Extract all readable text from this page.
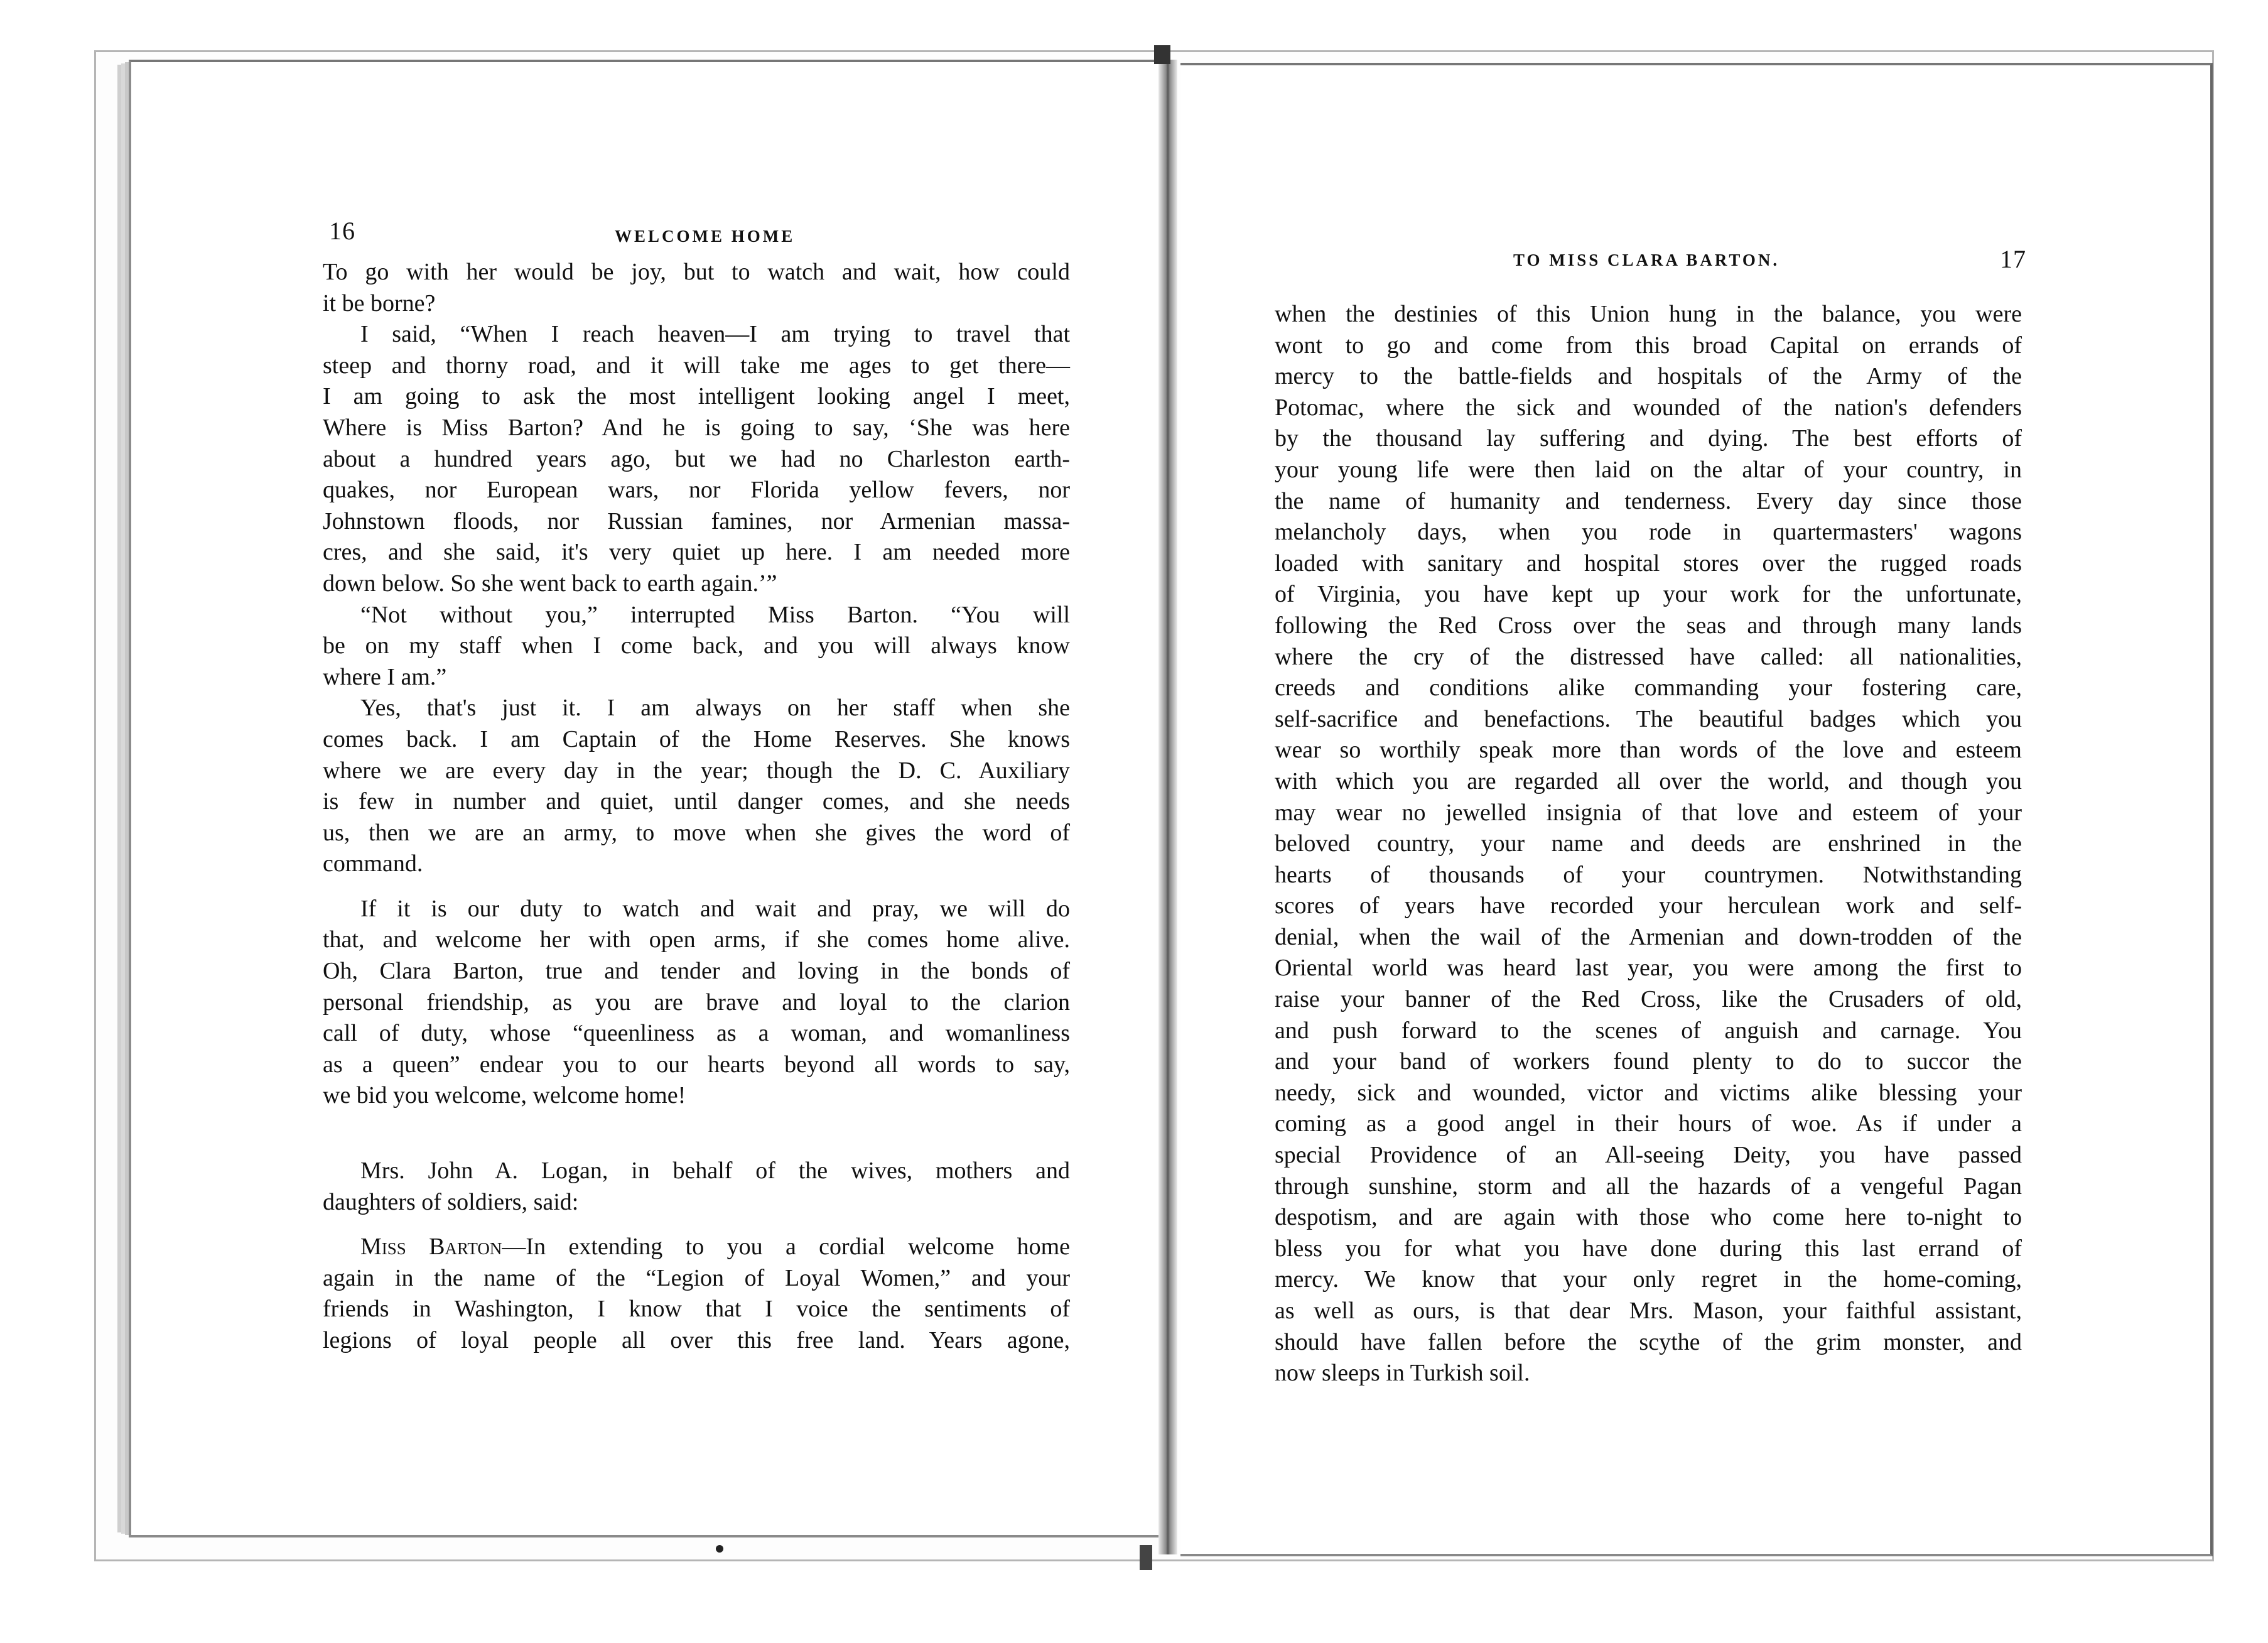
16	WELCOME HOME
To go with her would be joy, but to watch and wait, how could
it be borne?
I said, “When I reach heaven—I am trying to travel that
steep and thorny road, and it will take me ages to get there—
I am going to ask the most intelligent looking angel I meet,
Where is Miss Barton? And he is going to say, ‘She was here
about a hundred years ago, but we had no Charleston earth-
quakes, nor European wars, nor Florida yellow fevers, nor
Johnstown floods, nor Russian famines, nor Armenian massa-
cres, and she said, it's very quiet up here. I am needed more
down below. So she went back to earth again.’”
“Not without you,” interrupted Miss Barton. “You will
be on my staff when I come back, and you will always know
where I am.”
Yes, that's just it. I am always on her staff when she
comes back. I am Captain of the Home Reserves. She knows
where we are every day in the year; though the D. C. Auxiliary
is few in number and quiet, until danger comes, and she needs
us, then we are an army, to move when she gives the word of
command.
If it is our duty to watch and wait and pray, we will do
that, and welcome her with open arms, if she comes home alive.
Oh, Clara Barton, true and tender and loving in the bonds of
personal friendship, as you are brave and loyal to the clarion
call of duty, whose “queenliness as a woman, and womanliness
as a queen” endear you to our hearts beyond all words to say,
we bid you welcome, welcome home!
Mrs. John A. Logan, in behalf of the wives, mothers and
daughters of soldiers, said:
Miss Barton—In extending to you a cordial welcome home
again in the name of the “Legion of Loyal Women,” and your
friends in Washington, I know that I voice the sentiments of
legions of loyal people all over this free land. Years agone,
TO MISS CLARA BARTON.	17
when the destinies of this Union hung in the balance, you were
wont to go and come from this broad Capital on errands of
mercy to the battle-fields and hospitals of the Army of the
Potomac, where the sick and wounded of the nation's defenders
by the thousand lay suffering and dying. The best efforts of
your young life were then laid on the altar of your country, in
the name of humanity and tenderness. Every day since those
melancholy days, when you rode in quartermasters' wagons
loaded with sanitary and hospital stores over the rugged roads
of Virginia, you have kept up your work for the unfortunate,
following the Red Cross over the seas and through many lands
where the cry of the distressed have called: all nationalities,
creeds and conditions alike commanding your fostering care,
self-sacrifice and benefactions. The beautiful badges which you
wear so worthily speak more than words of the love and esteem
with which you are regarded all over the world, and though you
may wear no jewelled insignia of that love and esteem of your
beloved country, your name and deeds are enshrined in the
hearts of thousands of your countrymen. Notwithstanding
scores of years have recorded your herculean work and self-
denial, when the wail of the Armenian and down-trodden of the
Oriental world was heard last year, you were among the first to
raise your banner of the Red Cross, like the Crusaders of old,
and push forward to the scenes of anguish and carnage. You
and your band of workers found plenty to do to succor the
needy, sick and wounded, victor and victims alike blessing your
coming as a good angel in their hours of woe. As if under a
special Providence of an All-seeing Deity, you have passed
through sunshine, storm and all the hazards of a vengeful Pagan
despotism, and are again with those who come here to-night to
bless you for what you have done during this last errand of
mercy. We know that your only regret in the home-coming,
as well as ours, is that dear Mrs. Mason, your faithful assistant,
should have fallen before the scythe of the grim monster, and
now sleeps in Turkish soil.
